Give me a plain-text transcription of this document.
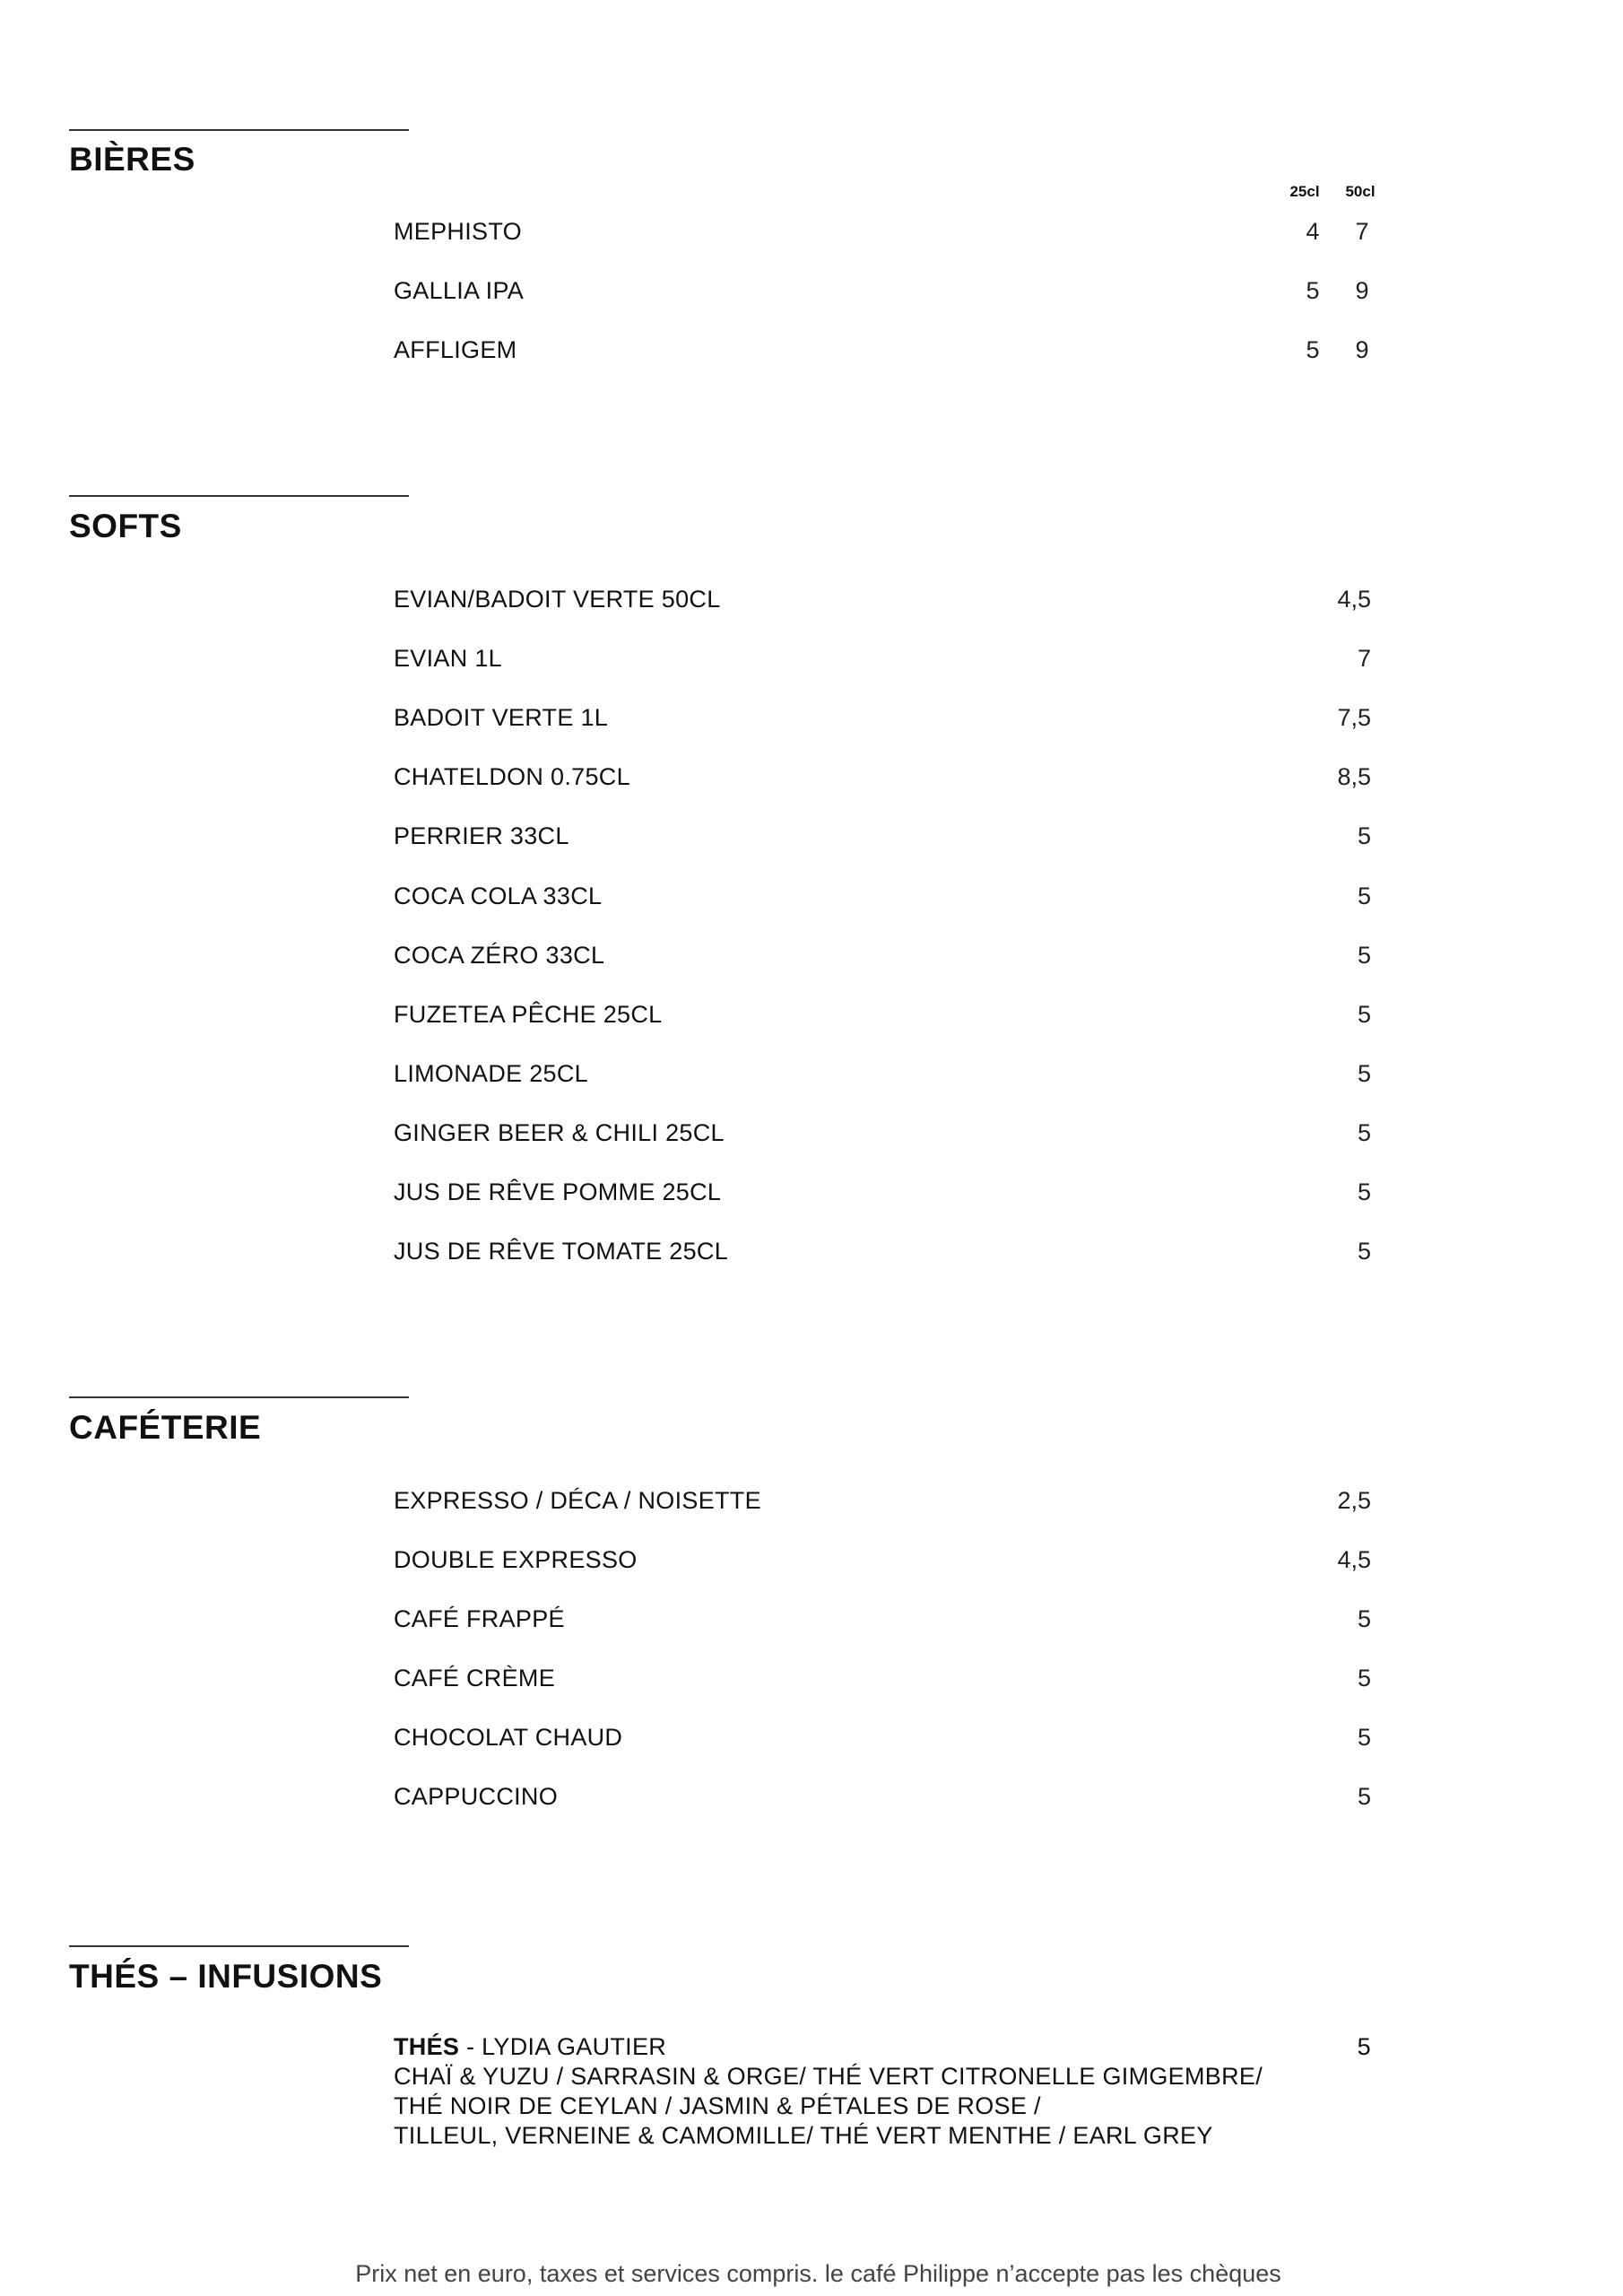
BIÈRES
25cl	50cl
MEPHISTO	4	7
GALLIA IPA	5	9
AFFLIGEM	5	9
SOFTS
EVIAN/BADOIT VERTE 50CL	4,5
EVIAN 1L	7
BADOIT VERTE 1L	7,5
CHATELDON 0.75CL	8,5
PERRIER 33CL	5
COCA COLA 33CL	5
COCA ZÉRO 33CL	5
FUZETEA PÊCHE 25CL	5
LIMONADE 25CL	5
GINGER BEER & CHILI 25CL	5
JUS DE RÊVE POMME 25CL	5
JUS DE RÊVE TOMATE 25CL	5
CAFÉTERIE
EXPRESSO / DÉCA / NOISETTE	2,5
DOUBLE EXPRESSO	4,5
CAFÉ FRAPPÉ	5
CAFÉ CRÈME	5
CHOCOLAT CHAUD	5
CAPPUCCINO	5
THÉS – INFUSIONS
THÉS - LYDIA GAUTIER
CHAÏ & YUZU / SARRASIN & ORGE/ THÉ VERT CITRONELLE GIMGEMBRE/
THÉ NOIR DE CEYLAN / JASMIN & PÉTALES DE ROSE /
TILLEUL, VERNEINE & CAMOMILLE/ THÉ VERT MENTHE / EARL GREY
5
Prix net en euro, taxes et services compris. le café Philippe n’accepte pas les chèques
